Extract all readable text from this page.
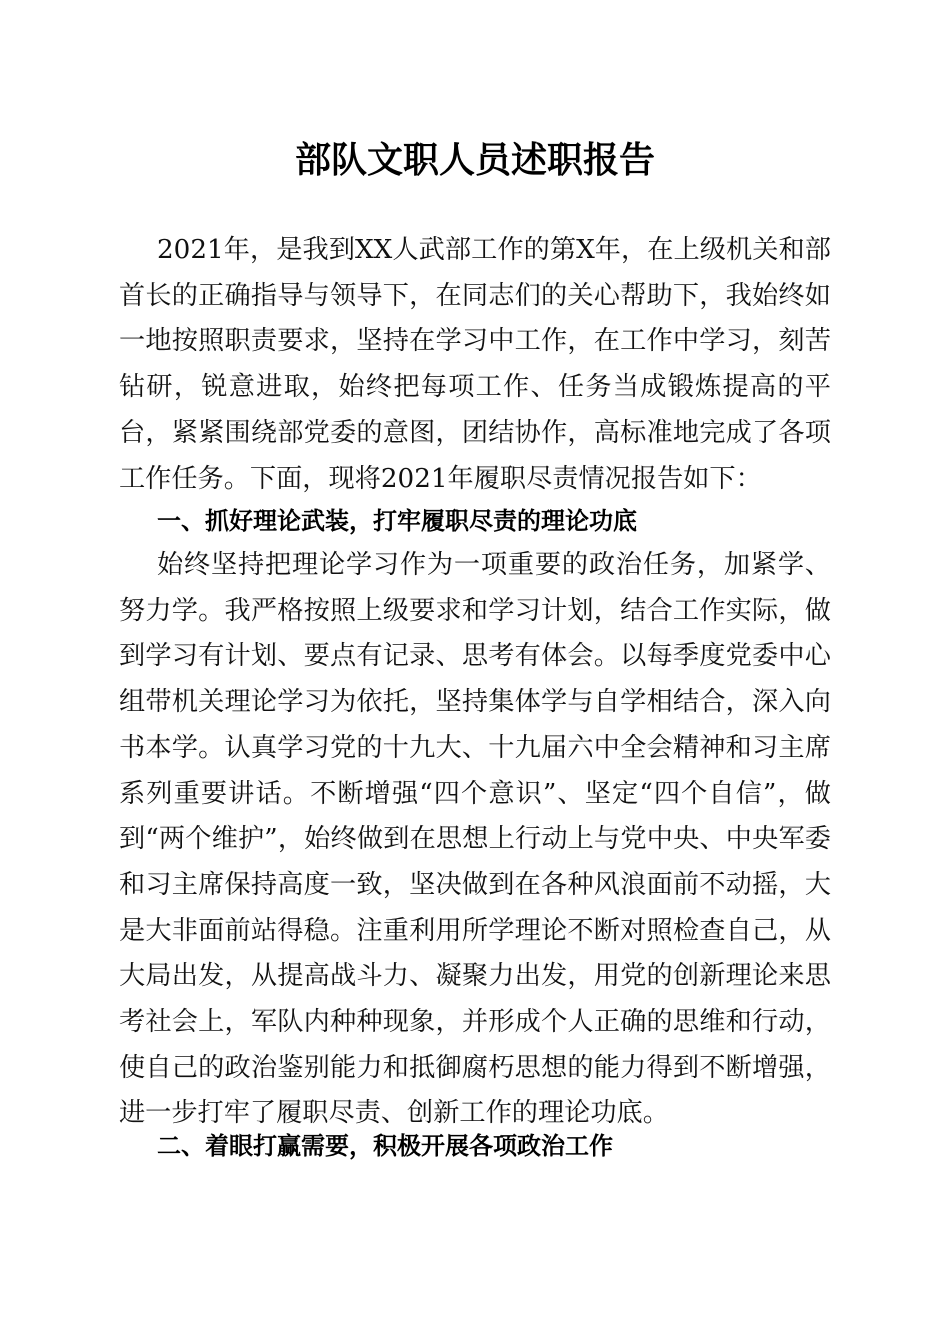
部队文职人员述职报告
2021年，是我到XX人武部工作的第X年，在上级机关和部首长的正确指导与领导下，在同志们的关心帮助下，我始终如一地按照职责要求，坚持在学习中工作，在工作中学习，刻苦钻研，锐意进取，始终把每项工作、任务当成锻炼提高的平台，紧紧围绕部党委的意图，团结协作，高标准地完成了各项工作任务。下面，现将2021年履职尽责情况报告如下：
一、抓好理论武装，打牢履职尽责的理论功底
始终坚持把理论学习作为一项重要的政治任务，加紧学、努力学。我严格按照上级要求和学习计划，结合工作实际，做到学习有计划、要点有记录、思考有体会。以每季度党委中心组带机关理论学习为依托，坚持集体学与自学相结合，深入向书本学。认真学习党的十九大、十九届六中全会精神和习主席系列重要讲话。不断增强“四个意识”、坚定“四个自信”，做到“两个维护”，始终做到在思想上行动上与党中央、中央军委和习主席保持高度一致，坚决做到在各种风浪面前不动摇，大是大非面前站得稳。注重利用所学理论不断对照检查自己，从大局出发，从提高战斗力、凝聚力出发，用党的创新理论来思考社会上，军队内种种现象，并形成个人正确的思维和行动，使自己的政治鉴别能力和抵御腐朽思想的能力得到不断增强，进一步打牢了履职尽责、创新工作的理论功底。
二、着眼打赢需要，积极开展各项政治工作
